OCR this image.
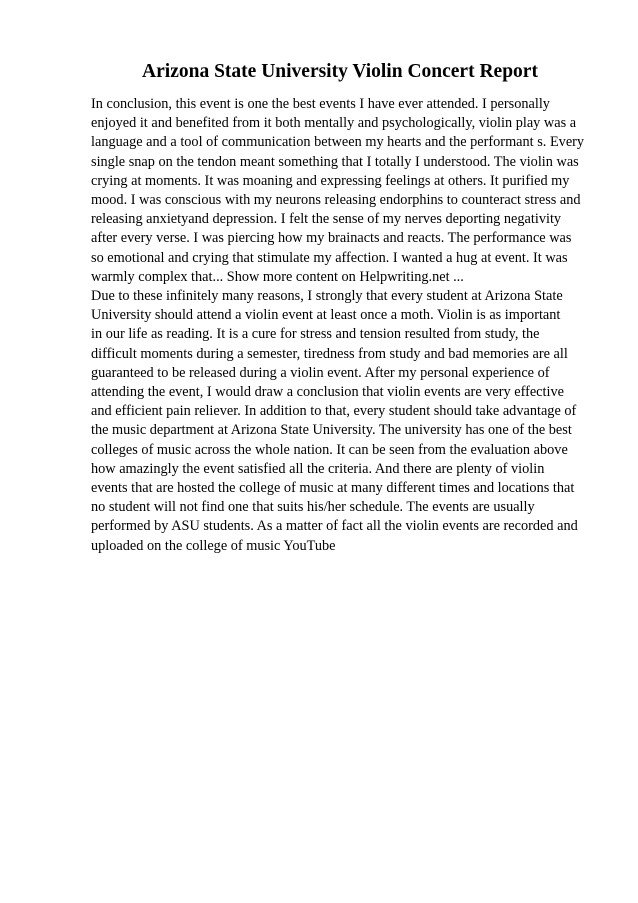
Arizona State University Violin Concert Report
In conclusion, this event is one the best events I have ever attended. I personally
enjoyed it and benefited from it both mentally and psychologically, violin play was a
language and a tool of communication between my hearts and the performant s. Every
single snap on the tendon meant something that I totally I understood. The violin was
crying at moments. It was moaning and expressing feelings at others. It purified my
mood. I was conscious with my neurons releasing endorphins to counteract stress and
releasing anxietyand depression. I felt the sense of my nerves deporting negativity
after every verse. I was piercing how my brainacts and reacts. The performance was
so emotional and crying that stimulate my affection. I wanted a hug at event. It was
warmly complex that... Show more content on Helpwriting.net ...
Due to these infinitely many reasons, I strongly that every student at Arizona State
University should attend a violin event at least once a moth. Violin is as important
in our life as reading. It is a cure for stress and tension resulted from study, the
difficult moments during a semester, tiredness from study and bad memories are all
guaranteed to be released during a violin event. After my personal experience of
attending the event, I would draw a conclusion that violin events are very effective
and efficient pain reliever. In addition to that, every student should take advantage of
the music department at Arizona State University. The university has one of the best
colleges of music across the whole nation. It can be seen from the evaluation above
how amazingly the event satisfied all the criteria. And there are plenty of violin
events that are hosted the college of music at many different times and locations that
no student will not find one that suits his/her schedule. The events are usually
performed by ASU students. As a matter of fact all the violin events are recorded and
uploaded on the college of music YouTube
